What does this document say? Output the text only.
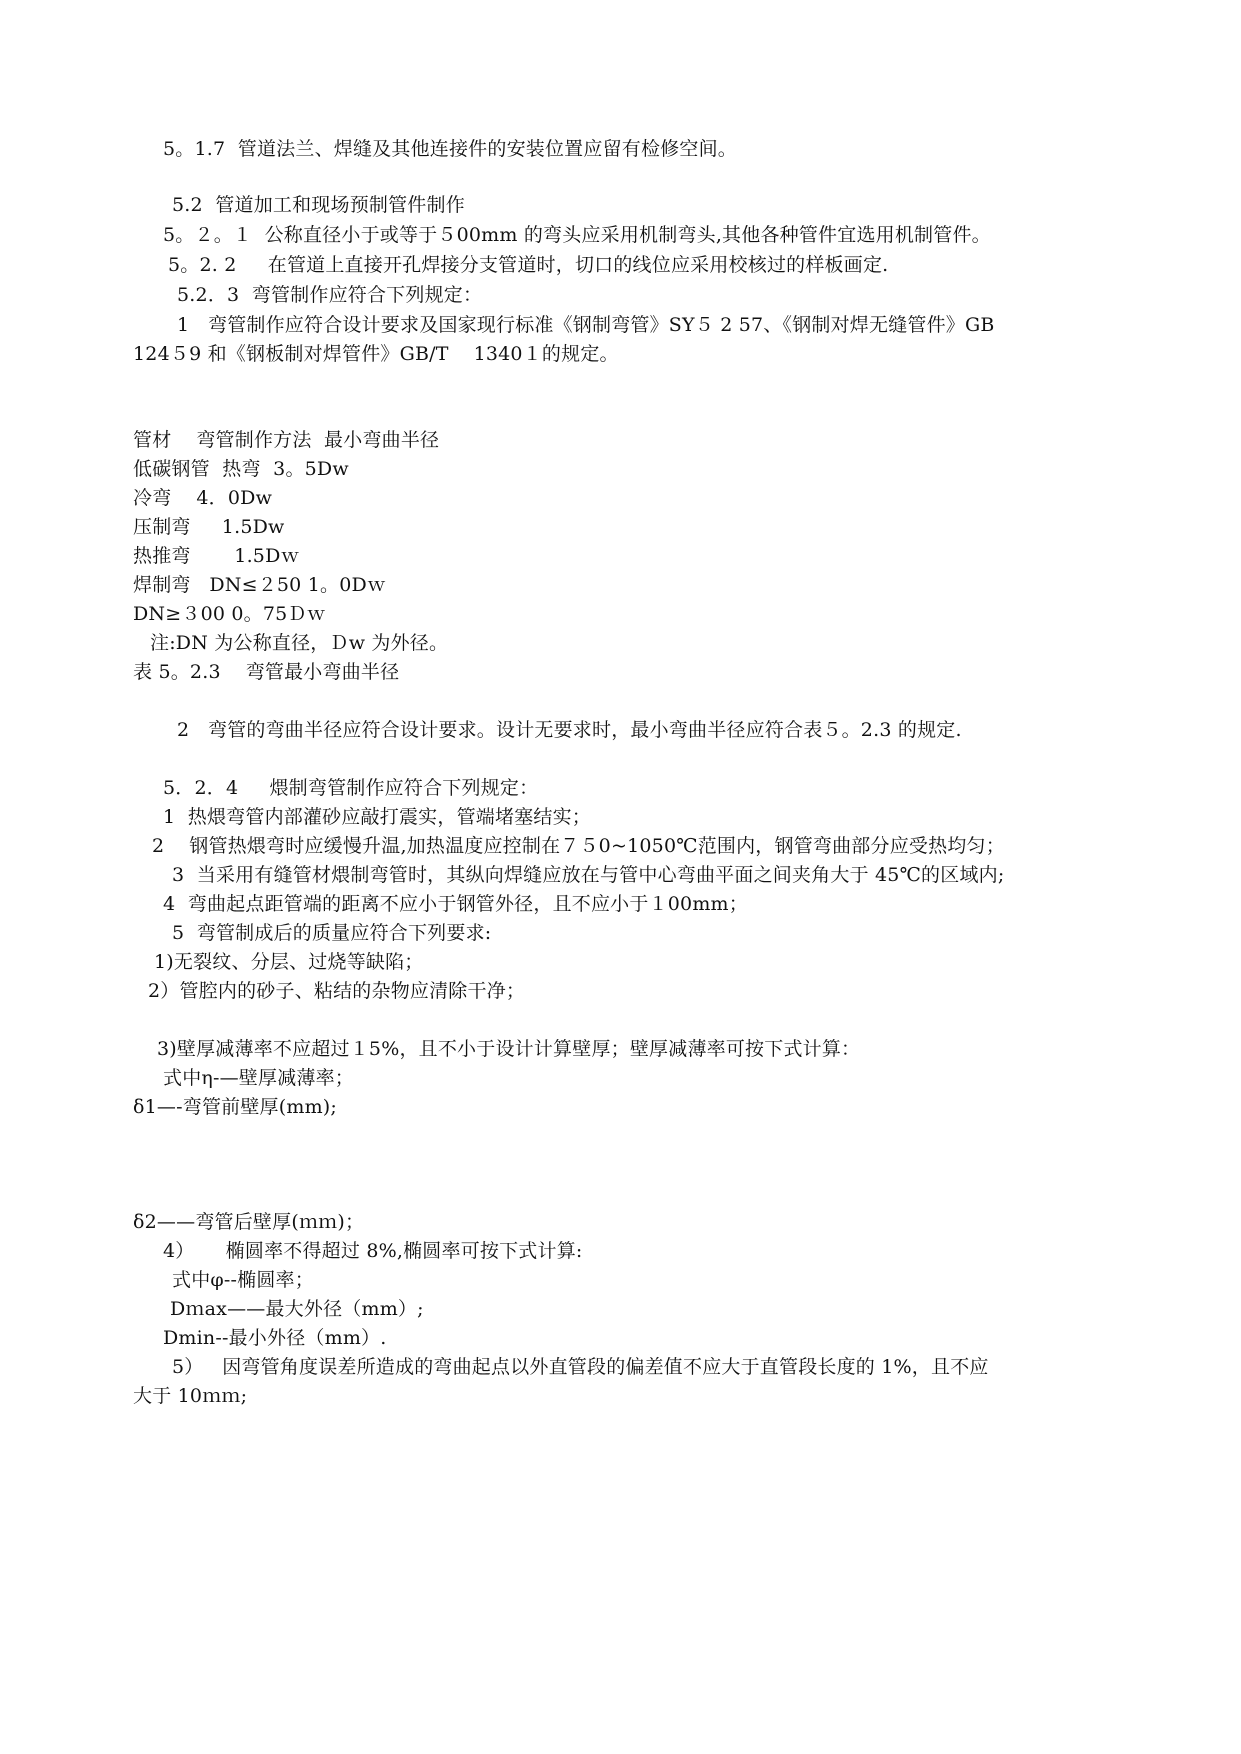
5。1.7  管道法兰、焊缝及其他连接件的安装位置应留有检修空间。
5.2  管道加工和现场预制管件制作
5。２。１  公称直径小于或等于５00mm 的弯头应采用机制弯头,其他各种管件宜选用机制管件。
5。2. 2     在管道上直接开孔焊接分支管道时，切口的线位应采用校核过的样板画定.
5.2．3  弯管制作应符合下列规定：
1   弯管制作应符合设计要求及国家现行标准《钢制弯管》SY５ 2 57、《钢制对焊无缝管件》GB
124５9 和《钢板制对焊管件》GB/T    1340１的规定。
管材    弯管制作方法  最小弯曲半径
低碳钢管  热弯  3。5Dw
冷弯    4．0Dw
压制弯     1.5Dw
热推弯       1.5Dｗ
焊制弯   DN≤２50 1。0Dｗ
DN≥３00 0。75Ｄｗ
注:DN 为公称直径，Ｄw 为外径。
表 5。2.3    弯管最小弯曲半径
2   弯管的弯曲半径应符合设计要求。设计无要求时，最小弯曲半径应符合表５。2.3 的规定.
5．2．4     煨制弯管制作应符合下列规定：
1  热煨弯管内部灌砂应敲打震实，管端堵塞结实；
2    钢管热煨弯时应缓慢升温,加热温度应控制在７５0~1050℃范围内，钢管弯曲部分应受热均匀；
3  当采用有缝管材煨制弯管时，其纵向焊缝应放在与管中心弯曲平面之间夹角大于 45℃的区域内;
4  弯曲起点距管端的距离不应小于钢管外径，且不应小于１00mm；
5  弯管制成后的质量应符合下列要求:
1)无裂纹、分层、过烧等缺陷；
2）管腔内的砂子、粘结的杂物应清除干净；
3)壁厚减薄率不应超过１5%，且不小于设计计算壁厚；壁厚减薄率可按下式计算：
式中η-—壁厚减薄率；
δ1—-弯管前壁厚(mm);
δ2——弯管后壁厚(ｍｍ)；
4）     椭圆率不得超过 8%,椭圆率可按下式计算:
式中φ--椭圆率；
Dｍax——最大外径（mm）;
Dmin--最小外径（mm）.
5）   因弯管角度误差所造成的弯曲起点以外直管段的偏差值不应大于直管段长度的 1%，且不应
大于 10ｍｍ;
